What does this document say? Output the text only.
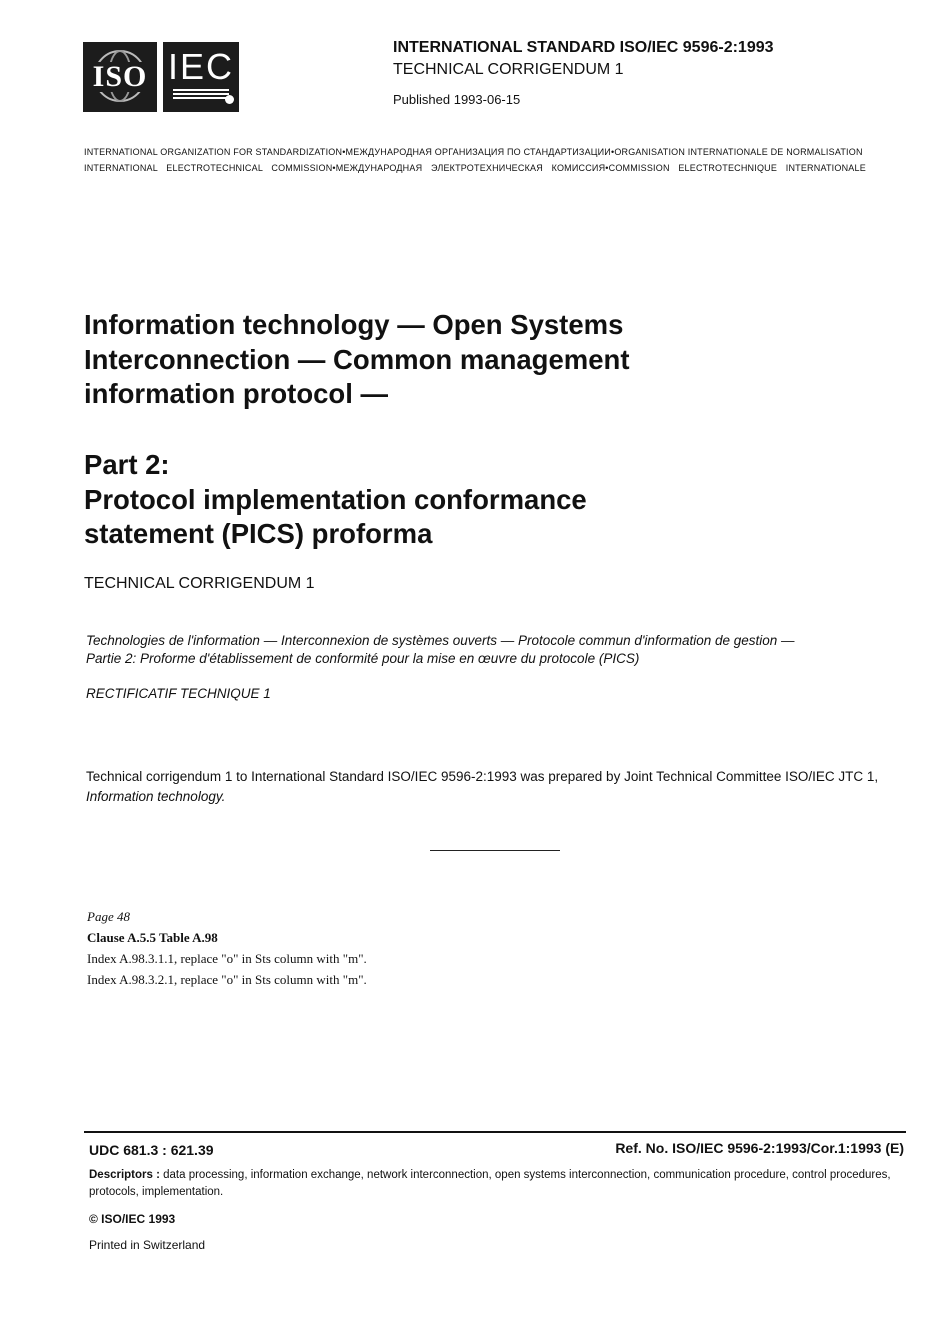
ISO IEC	INTERNATIONAL STANDARD ISO/IEC 9596-2:1993
TECHNICAL CORRIGENDUM 1
Published 1993-06-15
INTERNATIONAL ORGANIZATION FOR STANDARDIZATION•МЕЖДУНАРОДНАЯ ОРГАНИЗАЦИЯ ПО СТАНДАРТИЗАЦИИ•ORGANISATION INTERNATIONALE DE NORMALISATION
INTERNATIONAL ELECTROTECHNICAL COMMISSION•МЕЖДУНАРОДНАЯ ЭЛЕКТРОТЕХНИЧЕСКАЯ КОМИССИЯ•COMMISSION ELECTROTECHNIQUE INTERNATIONALE
Information technology — Open Systems
Interconnection — Common management
information protocol —
Part 2:
Protocol implementation conformance
statement (PICS) proforma
TECHNICAL CORRIGENDUM 1
Technologies de l'information — Interconnexion de systèmes ouverts — Protocole commun d'information de gestion —
Partie 2: Proforme d'établissement de conformité pour la mise en œuvre du protocole (PICS)
RECTIFICATIF TECHNIQUE 1
Technical corrigendum 1 to International Standard ISO/IEC 9596-2:1993 was prepared by Joint Technical Committee ISO/IEC JTC 1, Information technology.
Page 48
Clause A.5.5 Table A.98
Index A.98.3.1.1, replace "o" in Sts column with "m".
Index A.98.3.2.1, replace "o" in Sts column with "m".
UDC 681.3 : 621.39	Ref. No. ISO/IEC 9596-2:1993/Cor.1:1993 (E)
Descriptors : data processing, information exchange, network interconnection, open systems interconnection, communication procedure, control procedures, protocols, implementation.
© ISO/IEC 1993
Printed in Switzerland
